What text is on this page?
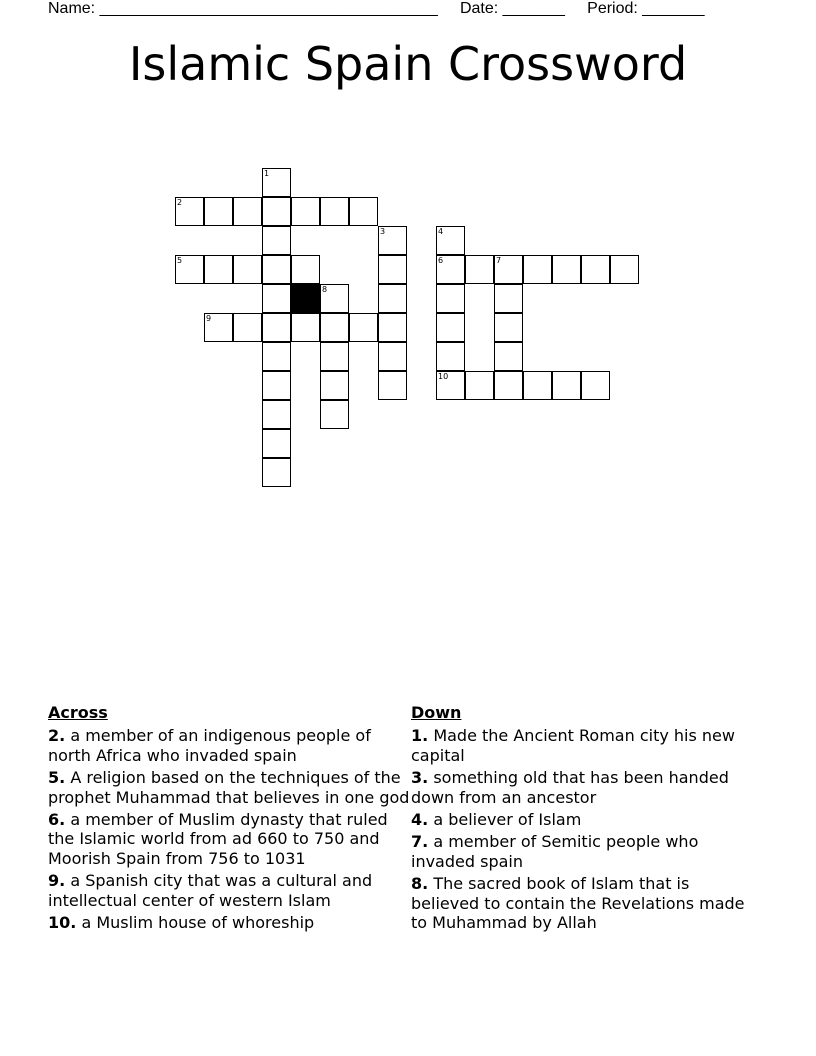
Name: ______________________________________     Date: _______     Period: _______
Islamic Spain Crossword
1
2
3	4
6
10
5	7
8
9
Across
2. a member of an indigenous people of north Africa who invaded spain
5. A religion based on the techniques of the prophet Muhammad that believes in one god
6. a member of Muslim dynasty that ruled the Islamic world from ad 660 to 750 and Moorish Spain from 756 to 1031
9. a Spanish city that was a cultural and intellectual center of western Islam
10. a Muslim house of whoreship
Down
1. Made the Ancient Roman city his new capital
3. something old that has been handed down from an ancestor
4. a believer of Islam
7. a member of Semitic people who invaded spain
8. The sacred book of Islam that is believed to contain the Revelations made to Muhammad by Allah
